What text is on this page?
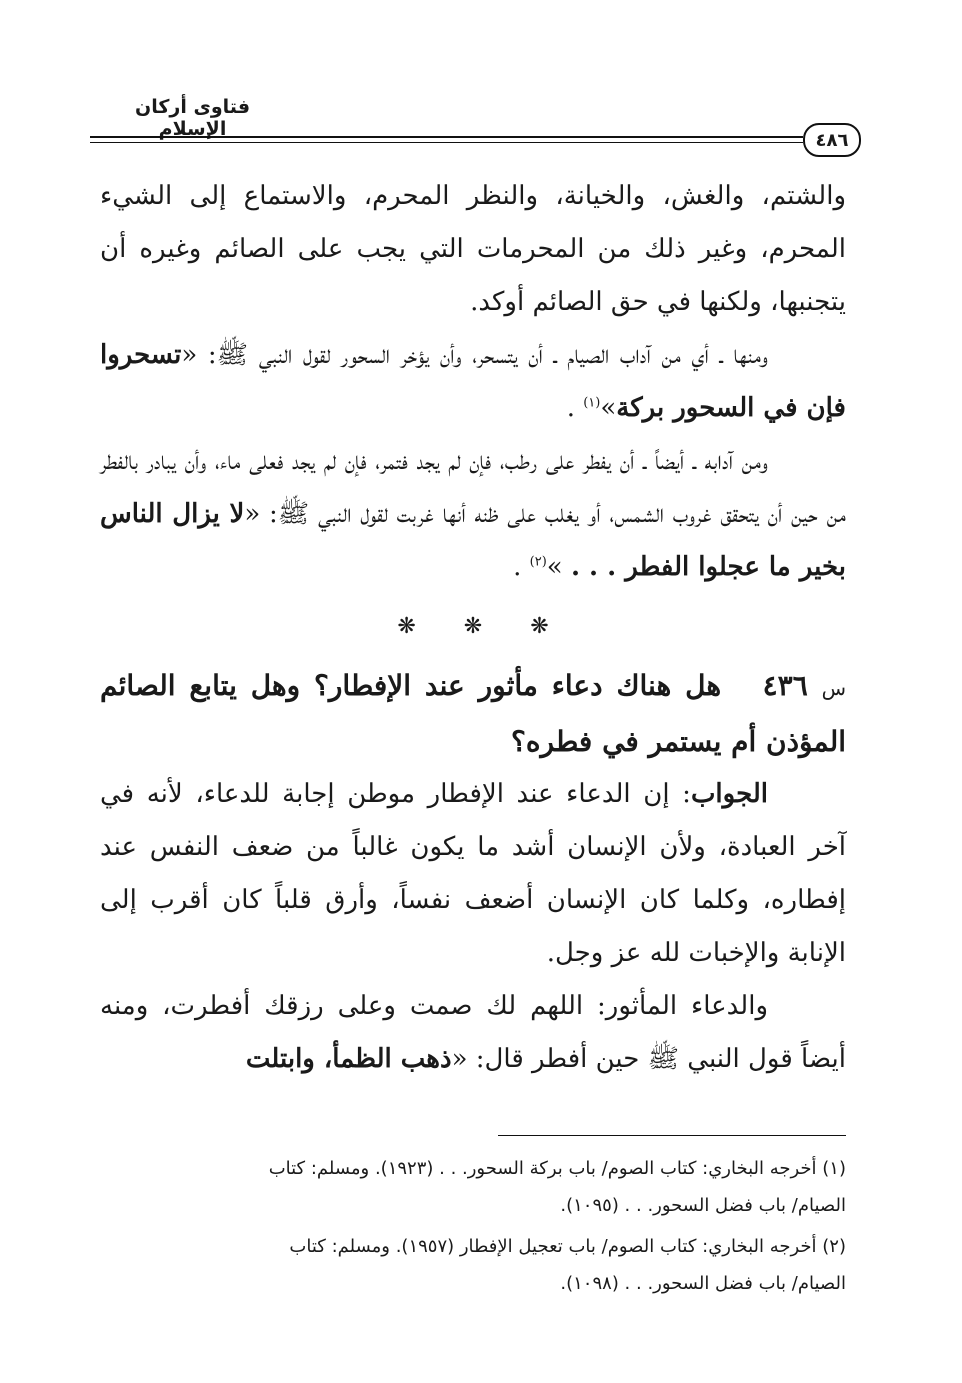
فتاوى أركان الإسلام	٤٨٦

والشتم، والغش، والخيانة، والنظر المحرم، والاستماع إلى الشيء المحرم، وغير ذلك من المحرمات التي يجب على الصائم وغيره أن يتجنبها، ولكنها في حق الصائم أوكد.

ومنها ـ أي من آداب الصيام ـ أن يتسحر، وأن يؤخر السحور لقول النبي ﷺ: «تسحروا فإن في السحور بركة»$^{(١)}$ .

ومن آدابه ـ أيضاً ـ أن يفطر على رطب، فإن لم يجد فتمر، فإن لم يجد فعلى ماء، وأن يبادر بالفطر من حين أن يتحقق غروب الشمس، أو يغلب على ظنه أنها غربت لقول النبي ﷺ: «لا يزال الناس بخير ما عجلوا الفطر . . . »$^{(٢)}$ .

❋ ❋ ❋

س ٤٣٦   هل هناك دعاء مأثور عند الإفطار؟ وهل يتابع الصائم المؤذن أم يستمر في فطره؟

الجواب: إن الدعاء عند الإفطار موطن إجابة للدعاء، لأنه في آخر العبادة، ولأن الإنسان أشد ما يكون غالباً من ضعف النفس عند إفطاره، وكلما كان الإنسان أضعف نفساً، وأرق قلباً كان أقرب إلى الإنابة والإخبات لله عز وجل.

والدعاء المأثور: اللهم لك صمت وعلى رزقك أفطرت، ومنه أيضاً قول النبي ﷺ حين أفطر قال: «ذهب الظمأ، وابتلت

(١) أخرجه البخاري: كتاب الصوم/ باب بركة السحور. . . (١٩٢٣). ومسلم: كتاب
الصيام/ باب فضل السحور. . . (١٠٩٥).

(٢) أخرجه البخاري: كتاب الصوم/ باب تعجيل الإفطار (١٩٥٧). ومسلم: كتاب
الصيام/ باب فضل السحور. . . (١٠٩٨).
